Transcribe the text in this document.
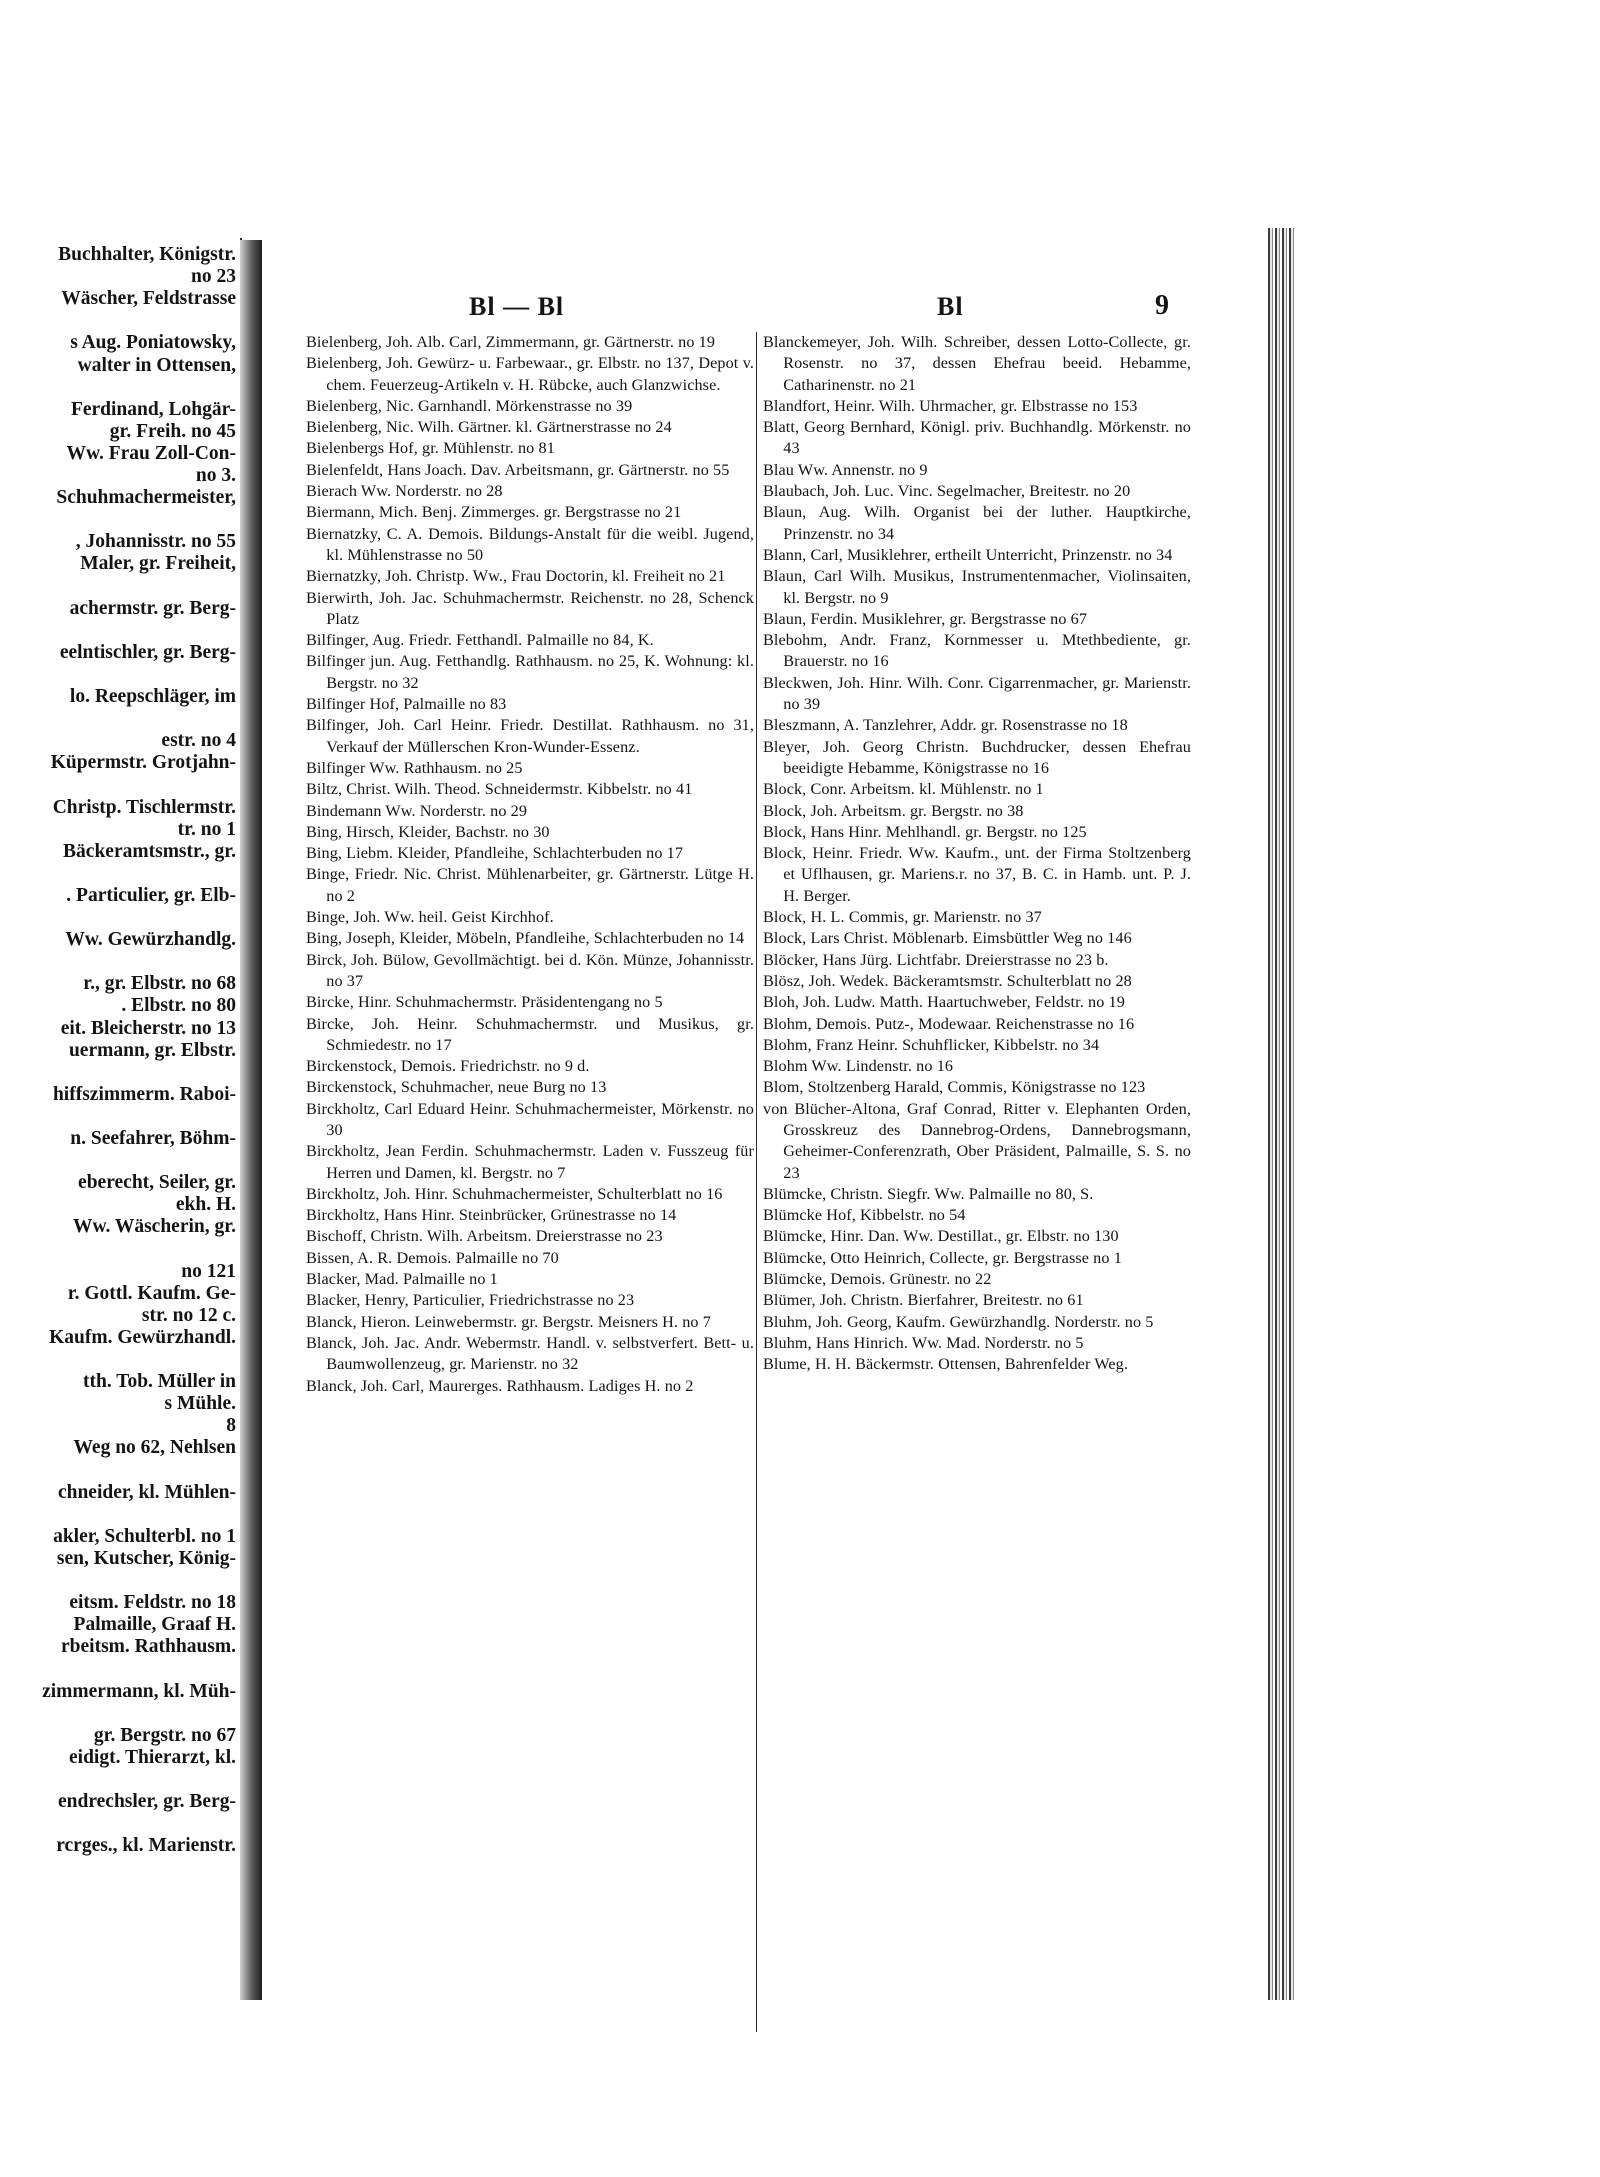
Buchhalter, Königstr.
no 23
Wäscher, Feldstrasse
s Aug. Poniatowsky,
walter in Ottensen,
Ferdinand, Lohgär-
gr. Freih. no 45
Ww. Frau Zoll-Con-
no 3.
Schuhmachermeister,
, Johannisstr. no 55
Maler, gr. Freiheit,
achermstr. gr. Berg-
eelntischler, gr. Berg-
lo. Reepschläger, im
estr. no 4
Küpermstr. Grotjahn-
Christp. Tischlermstr.
tr. no 1
Bäckeramtsmstr., gr.
. Particulier, gr. Elb-
Ww. Gewürzhandlg.
r., gr. Elbstr. no 68
. Elbstr. no 80
eit. Bleicherstr. no 13
uermann, gr. Elbstr.
hiffszimmerm. Raboi-
n. Seefahrer, Böhm-
eberecht, Seiler, gr.
ekh. H.
Ww. Wäscherin, gr.
no 121
r. Gottl. Kaufm. Ge-
str. no 12 c.
Kaufm. Gewürzhandl.
tth. Tob. Müller in
s Mühle.
8
Weg no 62, Nehlsen
chneider, kl. Mühlen-
akler, Schulterbl. no 1
sen, Kutscher, König-
eitsm. Feldstr. no 18
Palmaille, Graaf H.
rbeitsm. Rathhausm.
zimmermann, kl. Müh-
gr. Bergstr. no 67
eidigt. Thierarzt, kl.
endrechsler, gr. Berg-
rcrges., kl. Marienstr.
Bl — Bl	Bl	9

Bielenberg, Joh. Alb. Carl, Zimmermann, gr. Gärtnerstr. no 19

Bielenberg, Joh. Gewürz- u. Farbewaar., gr. Elbstr. no 137, Depot v. chem. Feuerzeug-Artikeln v. H. Rübcke, auch Glanzwichse.

Bielenberg, Nic. Garnhandl. Mörkenstrasse no 39

Bielenberg, Nic. Wilh. Gärtner. kl. Gärtnerstrasse no 24

Bielenbergs Hof, gr. Mühlenstr. no 81

Bielenfeldt, Hans Joach. Dav. Arbeitsmann, gr. Gärtnerstr. no 55

Bierach Ww. Norderstr. no 28

Biermann, Mich. Benj. Zimmerges. gr. Bergstrasse no 21

Biernatzky, C. A. Demois. Bildungs-Anstalt für die weibl. Jugend, kl. Mühlenstrasse no 50

Biernatzky, Joh. Christp. Ww., Frau Doctorin, kl. Freiheit no 21

Bierwirth, Joh. Jac. Schuhmachermstr. Reichenstr. no 28, Schenck Platz

Bilfinger, Aug. Friedr. Fetthandl. Palmaille no 84, K.

Bilfinger jun. Aug. Fetthandlg. Rathhausm. no 25, K. Wohnung: kl. Bergstr. no 32

Bilfinger Hof, Palmaille no 83

Bilfinger, Joh. Carl Heinr. Friedr. Destillat. Rathhausm. no 31, Verkauf der Müllerschen Kron-Wunder-Essenz.

Bilfinger Ww. Rathhausm. no 25

Biltz, Christ. Wilh. Theod. Schneidermstr. Kibbelstr. no 41

Bindemann Ww. Norderstr. no 29

Bing, Hirsch, Kleider, Bachstr. no 30

Bing, Liebm. Kleider, Pfandleihe, Schlachterbuden no 17

Binge, Friedr. Nic. Christ. Mühlenarbeiter, gr. Gärtnerstr. Lütge H. no 2

Binge, Joh. Ww. heil. Geist Kirchhof.

Bing, Joseph, Kleider, Möbeln, Pfandleihe, Schlachterbuden no 14

Birck, Joh. Bülow, Gevollmächtigt. bei d. Kön. Münze, Johannisstr. no 37

Bircke, Hinr. Schuhmachermstr. Präsidentengang no 5

Bircke, Joh. Heinr. Schuhmachermstr. und Musikus, gr. Schmiedestr. no 17

Birckenstock, Demois. Friedrichstr. no 9 d.

Birckenstock, Schuhmacher, neue Burg no 13

Birckholtz, Carl Eduard Heinr. Schuhmachermeister, Mörkenstr. no 30

Birckholtz, Jean Ferdin. Schuhmachermstr. Laden v. Fusszeug für Herren und Damen, kl. Bergstr. no 7

Birckholtz, Joh. Hinr. Schuhmachermeister, Schulterblatt no 16

Birckholtz, Hans Hinr. Steinbrücker, Grünestrasse no 14

Bischoff, Christn. Wilh. Arbeitsm. Dreierstrasse no 23

Bissen, A. R. Demois. Palmaille no 70

Blacker, Mad. Palmaille no 1

Blacker, Henry, Particulier, Friedrichstrasse no 23

Blanck, Hieron. Leinwebermstr. gr. Bergstr. Meisners H. no 7

Blanck, Joh. Jac. Andr. Webermstr. Handl. v. selbstverfert. Bett- u. Baumwollenzeug, gr. Marienstr. no 32

Blanck, Joh. Carl, Maurerges. Rathhausm. Ladiges H. no 2

Blanckemeyer, Joh. Wilh. Schreiber, dessen Lotto-Collecte, gr. Rosenstr. no 37, dessen Ehefrau beeid. Hebamme, Catharinenstr. no 21

Blandfort, Heinr. Wilh. Uhrmacher, gr. Elbstrasse no 153

Blatt, Georg Bernhard, Königl. priv. Buchhandlg. Mörkenstr. no 43

Blau Ww. Annenstr. no 9

Blaubach, Joh. Luc. Vinc. Segelmacher, Breitestr. no 20

Blaun, Aug. Wilh. Organist bei der luther. Hauptkirche, Prinzenstr. no 34

Blann, Carl, Musiklehrer, ertheilt Unterricht, Prinzenstr. no 34

Blaun, Carl Wilh. Musikus, Instrumentenmacher, Violinsaiten, kl. Bergstr. no 9

Blaun, Ferdin. Musiklehrer, gr. Bergstrasse no 67

Blebohm, Andr. Franz, Kornmesser u. Mtethbediente, gr. Brauerstr. no 16

Bleckwen, Joh. Hinr. Wilh. Conr. Cigarrenmacher, gr. Marienstr. no 39

Bleszmann, A. Tanzlehrer, Addr. gr. Rosenstrasse no 18

Bleyer, Joh. Georg Christn. Buchdrucker, dessen Ehefrau beeidigte Hebamme, Königstrasse no 16

Block, Conr. Arbeitsm. kl. Mühlenstr. no 1

Block, Joh. Arbeitsm. gr. Bergstr. no 38

Block, Hans Hinr. Mehlhandl. gr. Bergstr. no 125

Block, Heinr. Friedr. Ww. Kaufm., unt. der Firma Stoltzenberg et Uflhausen, gr. Mariens.r. no 37, B. C. in Hamb. unt. P. J. H. Berger.

Block, H. L. Commis, gr. Marienstr. no 37

Block, Lars Christ. Möblenarb. Eimsbüttler Weg no 146

Blöcker, Hans Jürg. Lichtfabr. Dreierstrasse no 23 b.

Blösz, Joh. Wedek. Bäckeramtsmstr. Schulterblatt no 28

Bloh, Joh. Ludw. Matth. Haartuchweber, Feldstr. no 19

Blohm, Demois. Putz-, Modewaar. Reichenstrasse no 16

Blohm, Franz Heinr. Schuhflicker, Kibbelstr. no 34

Blohm Ww. Lindenstr. no 16

Blom, Stoltzenberg Harald, Commis, Königstrasse no 123

von Blücher-Altona, Graf Conrad, Ritter v. Elephanten Orden, Grosskreuz des Dannebrog-Ordens, Dannebrogsmann, Geheimer-Conferenzrath, Ober Präsident, Palmaille, S. S. no 23

Blümcke, Christn. Siegfr. Ww. Palmaille no 80, S.

Blümcke Hof, Kibbelstr. no 54

Blümcke, Hinr. Dan. Ww. Destillat., gr. Elbstr. no 130

Blümcke, Otto Heinrich, Collecte, gr. Bergstrasse no 1

Blümcke, Demois. Grünestr. no 22

Blümer, Joh. Christn. Bierfahrer, Breitestr. no 61

Bluhm, Joh. Georg, Kaufm. Gewürzhandlg. Norderstr. no 5

Bluhm, Hans Hinrich. Ww. Mad. Norderstr. no 5

Blume, H. H. Bäckermstr. Ottensen, Bahrenfelder Weg.
